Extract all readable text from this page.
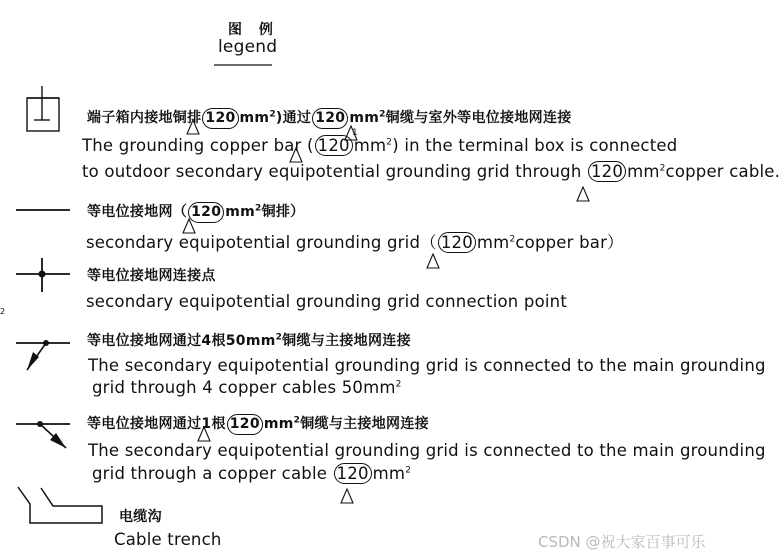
图 例
legend
端子箱内接地铜排 120 $mm^2$)通过 120 $mm^2$铜缆与室外等电位接地网连接
The grounding copper bar ( 120 $mm^2$) in the terminal box is connected
to outdoor secondary equipotential grounding grid through 120 $mm^2copper$ cable.
等电位接地网（ 120 $mm^2$铜排）
secondary equipotential grounding grid（ 120 $mm^2copper$ bar）
等电位接地网连接点
secondary equipotential grounding grid connection point
等电位接地网通过4根$50mm^2$铜缆与主接地网连接
The secondary equipotential grounding grid is connected to the main grounding
grid through 4 copper cables $50mm^2$
等电位接地网通过1根 120 $mm^2$铜缆与主接地网连接
The secondary equipotential grounding grid is connected to the main grounding
grid through a copper cable 120 $mm^2$
电缆沟
Cable trench
1
2
CSDN @祝大家百事可乐
